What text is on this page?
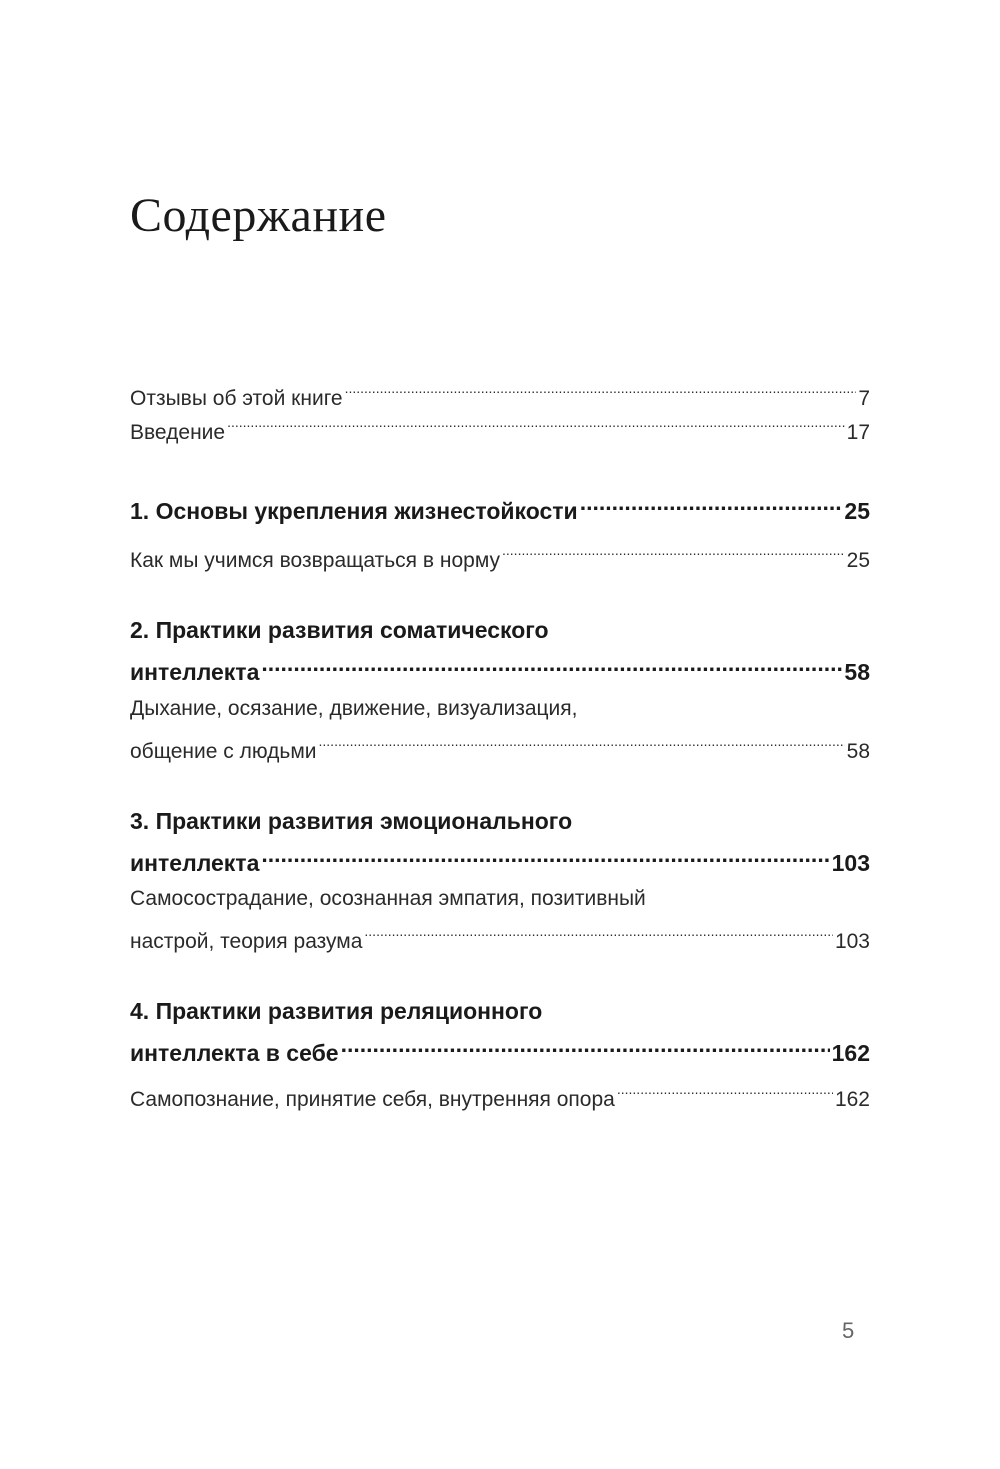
Содержание
Отзывы об этой книге .....	7
Введение .....	17
1. Основы укрепления жизнестойкости .....	25
Как мы учимся возвращаться в норму .....	25
2. Практики развития соматического
интеллекта .....	58
Дыхание, осязание, движение, визуализация,
общение с людьми .....	58
3. Практики развития эмоционального
интеллекта .....	103
Самосострадание, осознанная эмпатия, позитивный
настрой, теория разума .....	103
4. Практики развития реляционного
интеллекта в себе .....	162
Самопознание, принятие себя, внутренняя опора .....	162
5
